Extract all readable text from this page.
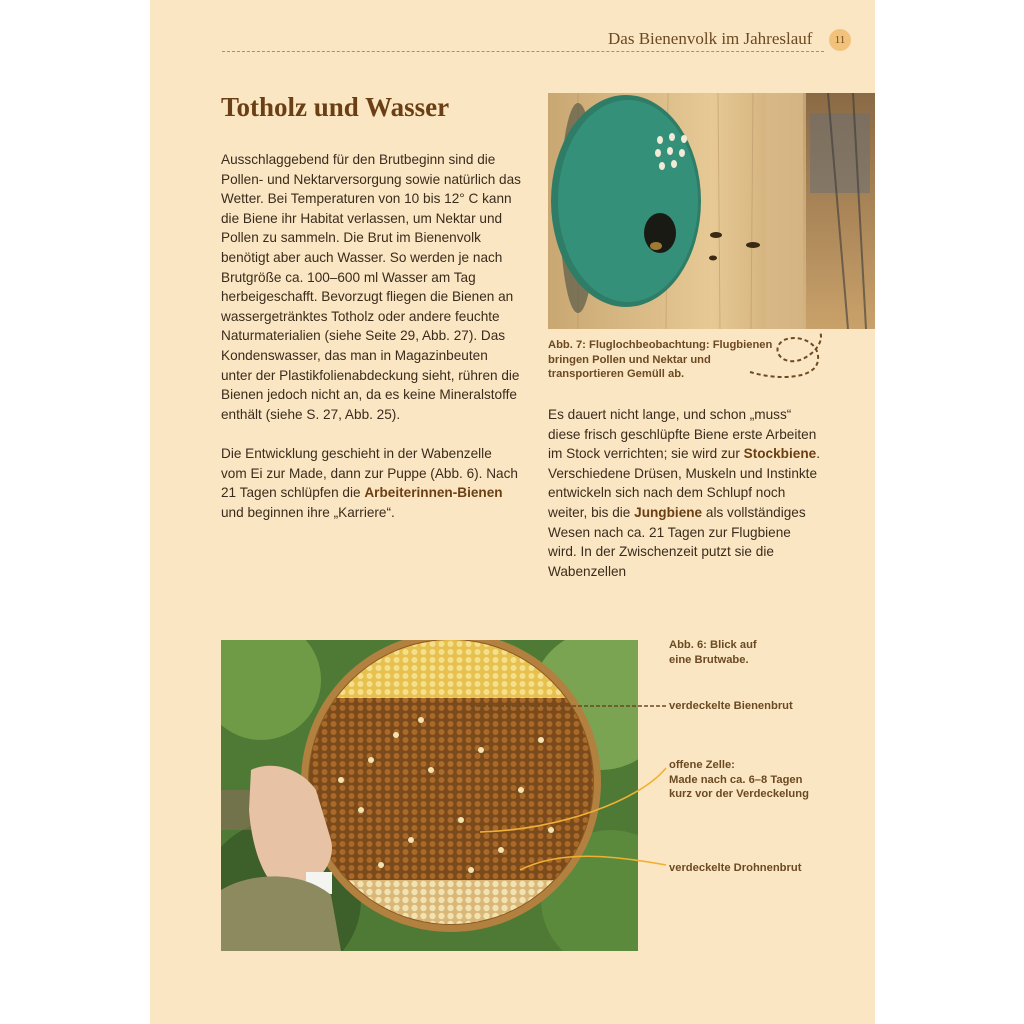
Das Bienenvolk im Jahreslauf	11
Totholz und Wasser

Ausschlaggebend für den Brutbeginn sind die Pollen- und Nektarversorgung sowie natürlich das Wetter. Bei Temperaturen von 10 bis 12° C kann die Biene ihr Habitat verlassen, um Nektar und Pollen zu sammeln. Die Brut im Bienenvolk benötigt aber auch Wasser. So werden je nach Brutgröße ca. 100–600 ml Wasser am Tag herbeigeschafft. Bevorzugt fliegen die Bienen an wassergetränktes Totholz oder andere feuchte Naturmaterialien (siehe Seite 29, Abb. 27). Das Kondenswasser, das man in Magazinbeuten unter der Plastikfolienabdeckung sieht, rühren die Bienen jedoch nicht an, da es keine Mineralstoffe enthält (siehe S. 27, Abb. 25).

Die Entwicklung geschieht in der Wabenzelle vom Ei zur Made, dann zur Puppe (Abb. 6). Nach 21 Tagen schlüpfen die Arbeiterinnen-Bienen und beginnen ihre „Karriere“.

Abb. 7: Fluglochbeobachtung: Flugbienen bringen Pollen und Nektar und transportieren Gemüll ab.

Es dauert nicht lange, und schon „muss“ diese frisch geschlüpfte Biene erste Arbeiten im Stock verrichten; sie wird zur Stockbiene. Verschiedene Drüsen, Muskeln und Instinkte entwickeln sich nach dem Schlupf noch weiter, bis die Jungbiene als vollständiges Wesen nach ca. 21 Tagen zur Flugbiene wird. In der Zwischenzeit putzt sie die Wabenzellen

Abb. 6: Blick auf
eine Brutwabe.
verdeckelte Bienenbrut
offene Zelle:
Made nach ca. 6–8 Tagen
kurz vor der Verdeckelung
verdeckelte Drohnenbrut
